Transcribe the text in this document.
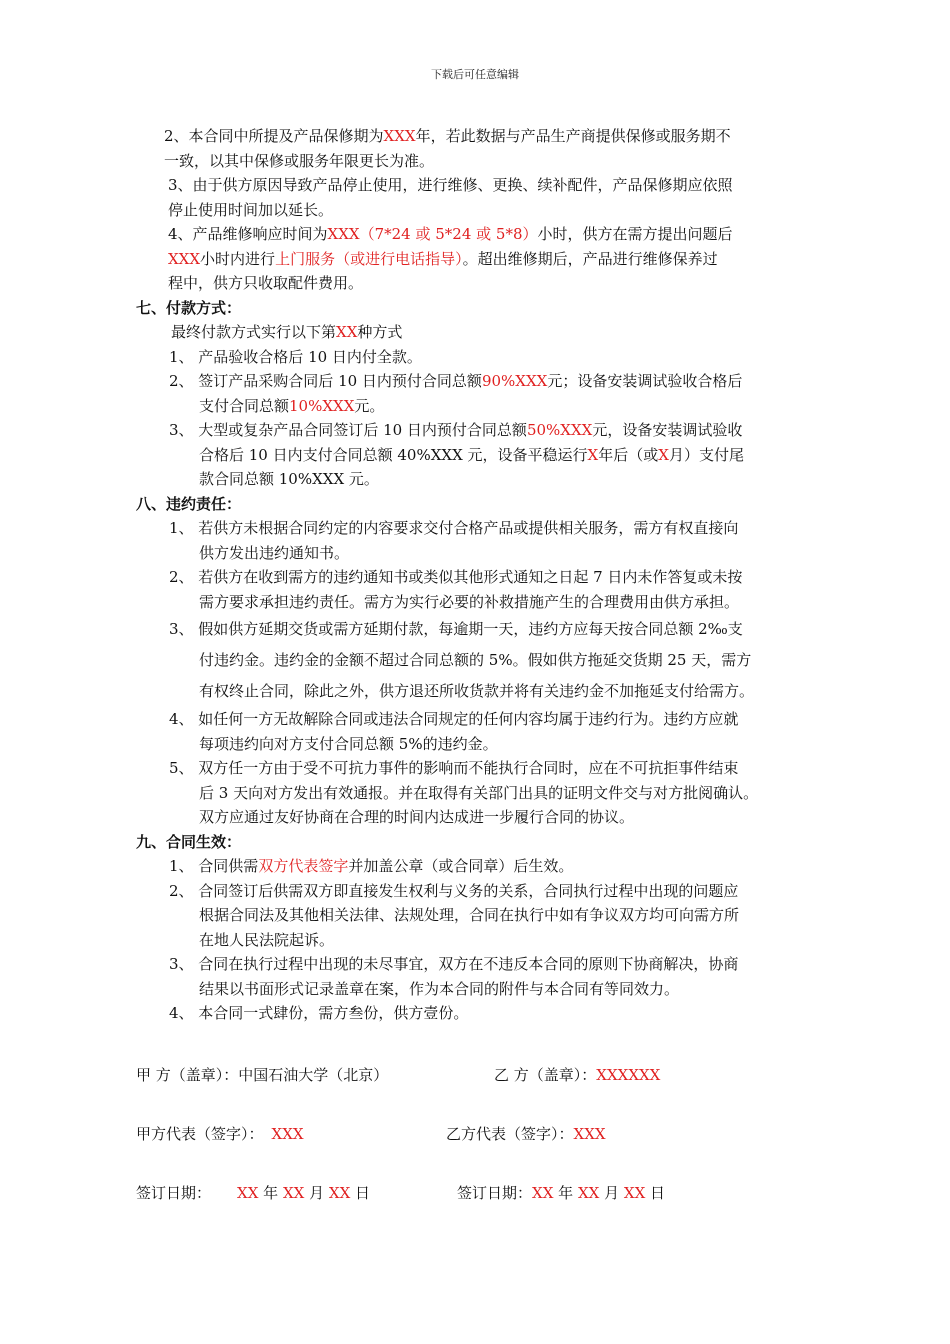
下载后可任意编辑
2、本合同中所提及产品保修期为XXX年，若此数据与产品生产商提供保修或服务期不
一致，以其中保修或服务年限更长为准。
3、由于供方原因导致产品停止使用，进行维修、更换、续补配件，产品保修期应依照
停止使用时间加以延长。
4、产品维修响应时间为XXX（7*24 或 5*24 或 5*8）小时，供方在需方提出问题后
XXX小时内进行上门服务（或进行电话指导）。超出维修期后，产品进行维修保养过
程中，供方只收取配件费用。
七、付款方式：
最终付款方式实行以下第XX种方式
1、 产品验收合格后 10 日内付全款。
2、 签订产品采购合同后 10 日内预付合同总额90%XXX元；设备安装调试验收合格后
支付合同总额10%XXX元。
3、 大型或复杂产品合同签订后 10 日内预付合同总额50%XXX元，设备安装调试验收
合格后 10 日内支付合同总额 40%XXX 元，设备平稳运行X年后（或X月）支付尾
款合同总额 10%XXX 元。
八、违约责任：
1、 若供方未根据合同约定的内容要求交付合格产品或提供相关服务，需方有权直接向
供方发出违约通知书。
2、 若供方在收到需方的违约通知书或类似其他形式通知之日起 7 日内未作答复或未按
需方要求承担违约责任。需方为实行必要的补救措施产生的合理费用由供方承担。
3、 假如供方延期交货或需方延期付款，每逾期一天，违约方应每天按合同总额 2‰支
付违约金。违约金的金额不超过合同总额的 5%。假如供方拖延交货期 25 天，需方
有权终止合同，除此之外，供方退还所收货款并将有关违约金不加拖延支付给需方。
4、 如任何一方无故解除合同或违法合同规定的任何内容均属于违约行为。违约方应就
每项违约向对方支付合同总额 5%的违约金。
5、 双方任一方由于受不可抗力事件的影响而不能执行合同时，应在不可抗拒事件结束
后 3 天向对方发出有效通报。并在取得有关部门出具的证明文件交与对方批阅确认。
双方应通过友好协商在合理的时间内达成进一步履行合同的协议。
九、合同生效：
1、 合同供需双方代表签字并加盖公章（或合同章）后生效。
2、 合同签订后供需双方即直接发生权利与义务的关系，合同执行过程中出现的问题应
根据合同法及其他相关法律、法规处理，合同在执行中如有争议双方均可向需方所
在地人民法院起诉。
3、 合同在执行过程中出现的未尽事宜，双方在不违反本合同的原则下协商解决，协商
结果以书面形式记录盖章在案，作为本合同的附件与本合同有等同效力。
4、 本合同一式肆份，需方叁份，供方壹份。
甲 方（盖章）：中国石油大学（北京）	乙 方（盖章）：XXXXXX
甲方代表（签字）： XXX	乙方代表（签字）：XXX
签订日期： XX 年 XX 月 XX 日	签订日期：XX 年 XX 月 XX 日
